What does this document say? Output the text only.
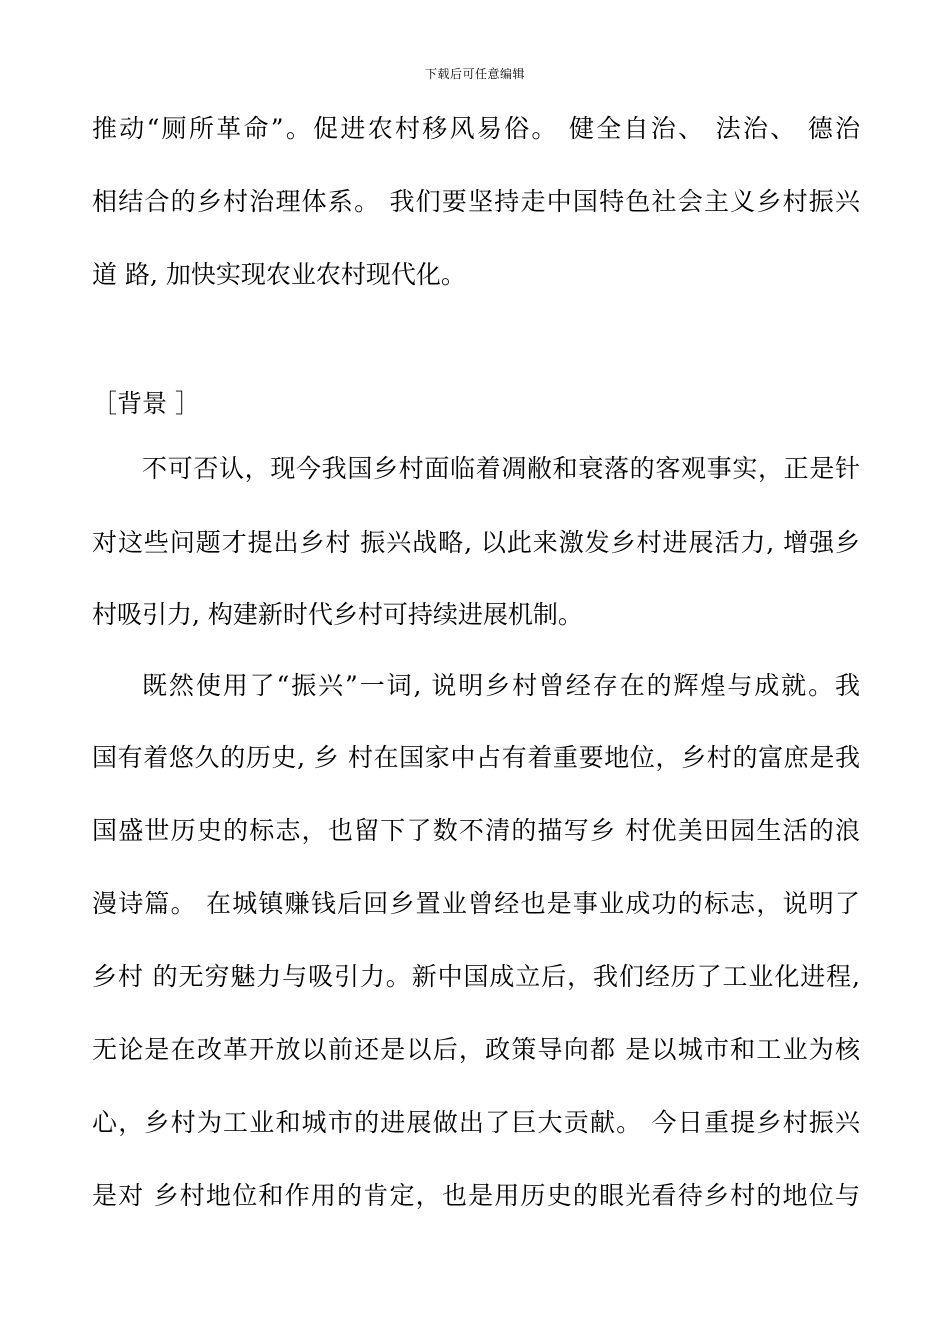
下载后可任意编辑
推动“厕所革命”。促进农村移风易俗。 健全自治、 法治、 德治
相结合的乡村治理体系。 我们要坚持走中国特色社会主义乡村振兴
道 路, 加快实现农业农村现代化。
［背景 ］
不可否认，现今我国乡村面临着凋敝和衰落的客观事实，正是针
对这些问题才提出乡村 振兴战略, 以此来激发乡村进展活力, 增强乡
村吸引力, 构建新时代乡村可持续进展机制。
既然使用了“振兴”一词, 说明乡村曾经存在的辉煌与成就。我
国有着悠久的历史, 乡 村在国家中占有着重要地位，乡村的富庶是我
国盛世历史的标志，也留下了数不清的描写乡 村优美田园生活的浪
漫诗篇。 在城镇赚钱后回乡置业曾经也是事业成功的标志，说明了
乡村 的无穷魅力与吸引力。新中国成立后，我们经历了工业化进程,
无论是在改革开放以前还是以后，政策导向都 是以城市和工业为核
心，乡村为工业和城市的进展做出了巨大贡献。 今日重提乡村振兴
是对 乡村地位和作用的肯定，也是用历史的眼光看待乡村的地位与
